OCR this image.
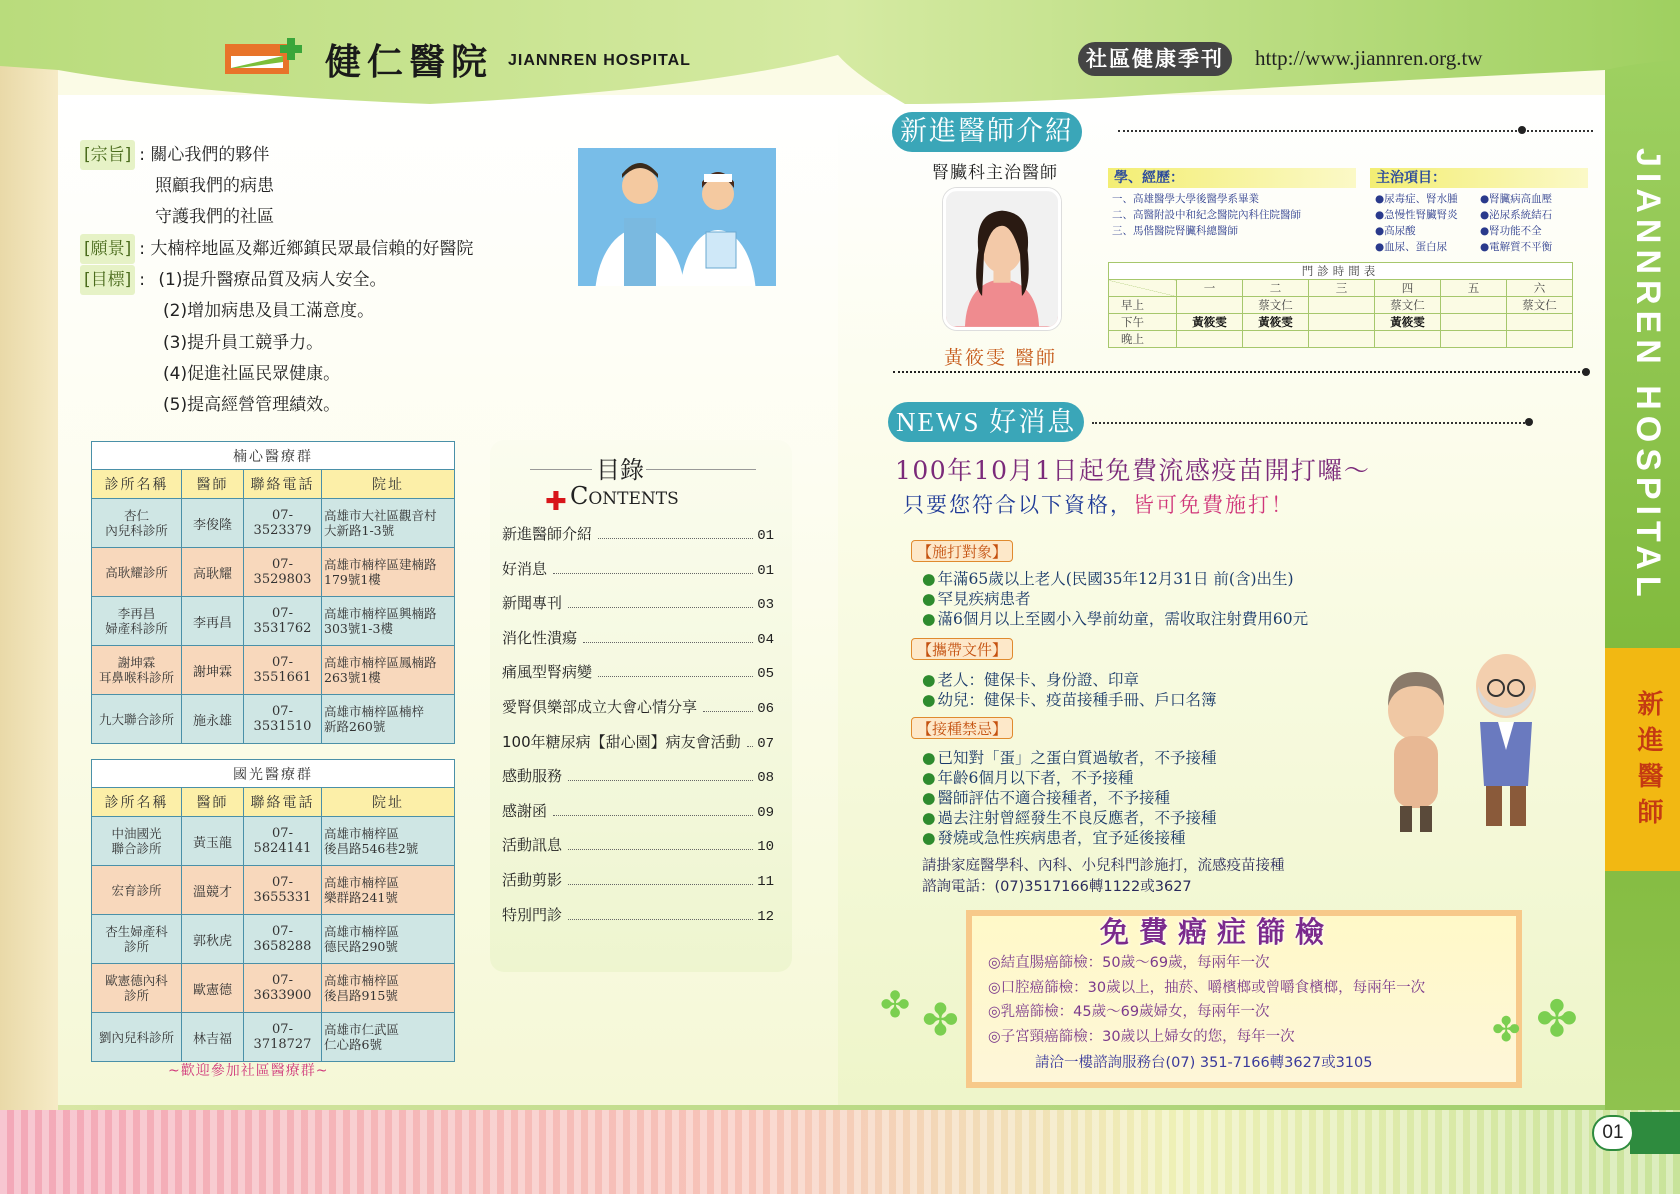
健仁醫院 JIANNREN HOSPITAL	社區健康季刊	http://www.jiannren.org.tw
[宗旨] : 關心我們的夥伴
照顧我們的病患
守護我們的社區
[願景] : 大楠梓地區及鄰近鄉鎮民眾最信賴的好醫院
[目標] : (1)提升醫療品質及病人安全。
(2)增加病患及員工滿意度。
(3)提升員工競爭力。
(4)促進社區民眾健康。
(5)提高經營管理績效。
楠心醫療群			
診所名稱	醫師	聯絡電話	院址
杏仁
內兒科診所	李俊隆	07-3523379	高雄市大社區觀音村
大新路1-3號
高耿耀診所	高耿耀	07-3529803	高雄市楠梓區建楠路
179號1樓
李再昌
婦產科診所	李再昌	07-3531762	高雄市楠梓區興楠路
303號1-3樓
謝坤霖
耳鼻喉科診所	謝坤霖	07-3551661	高雄市楠梓區鳳楠路
263號1樓
九大聯合診所	施永雄	07-3531510	高雄市楠梓區楠梓
新路260號
國光醫療群			
診所名稱	醫師	聯絡電話	院址
中油國光
聯合診所	黃玉龍	07-5824141	高雄市楠梓區
後昌路546巷2號
宏育診所	溫競才	07-3655331	高雄市楠梓區
樂群路241號
杏生婦產科
診所	郭秋虎	07-3658288	高雄市楠梓區
德民路290號
歐憲德內科
診所	歐憲德	07-3633900	高雄市楠梓區
後昌路915號
劉內兒科診所	林吉福	07-3718727	高雄市仁武區
仁心路6號
~歡迎參加社區醫療群~
目錄
✚ Contents
新進醫師介紹	01
好消息	01
新聞專刊	03
消化性潰瘍	04
痛風型腎病變	05
愛腎俱樂部成立大會心情分享	06
100年糖尿病【甜心園】病友會活動 07
感動服務	08
感謝函	09
活動訊息	10
活動剪影	11
特別門診	12
新進醫師介紹
腎臟科主治醫師
黃筱雯 醫師
學、經歷：	主治項目：
一、高雄醫學大學後醫學系畢業
二、高醫附設中和紀念醫院內科住院醫師
三、馬偕醫院腎臟科總醫師
●尿毒症、腎水腫
●急慢性腎臟腎炎
●高尿酸
●血尿、蛋白尿
●腎臟病高血壓
●泌尿系統結石
●腎功能不全
●電解質不平衡
門診時間表						
	一	二	三	四	五	六
早上		蔡文仁		蔡文仁		蔡文仁
下午	黃筱雯	黃筱雯		黃筱雯		
晚上						
NEWS 好消息
100年10月1日起免費流感疫苗開打囉～
只要您符合以下資格，皆可免費施打！
【施打對象】
● 年滿65歲以上老人(民國35年12月31日 前(含)出生)
● 罕見疾病患者
● 滿6個月以上至國小入學前幼童，需收取注射費用60元
【攜帶文件】
● 老人：健保卡、身份證、印章
● 幼兒：健保卡、疫苗接種手冊、戶口名簿
【接種禁忌】
● 已知對「蛋」之蛋白質過敏者，不予接種
● 年齡6個月以下者，不予接種
● 醫師評估不適合接種者，不予接種
● 過去注射曾經發生不良反應者，不予接種
● 發燒或急性疾病患者，宜予延後接種
請掛家庭醫學科、內科、小兒科門診施打，流感疫苗接種
諮詢電話：(07)3517166轉1122或3627
免費癌症篩檢
◎結直腸癌篩檢：50歲～69歲，每兩年一次
◎口腔癌篩檢：30歲以上，抽菸、嚼檳榔或曾嚼食檳榔，每兩年一次
◎乳癌篩檢：45歲～69歲婦女，每兩年一次
◎子宮頸癌篩檢：30歲以上婦女的您，每年一次
請洽一樓諮詢服務台(07) 351-7166轉3627或3105
✤ ✤	✤ ✤
JIANNREN HOSPITAL
新進醫師
01
